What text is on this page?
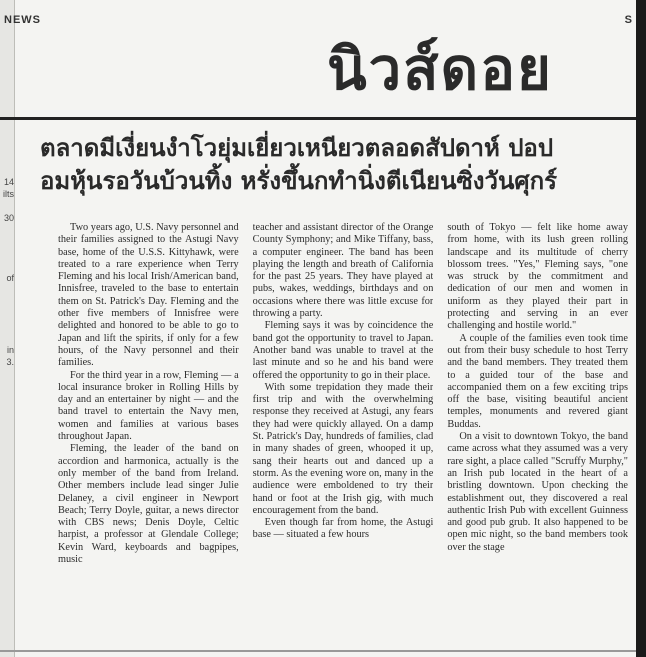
NEWS	S
นิวส์ดอย
ตลาดมีเงี่ยนงำโวยุ่มเยี่ยวเหนียวตลอดสัปดาห์ ปอป
อมหุ้นรอวันบ้วนทิ้ง หรั่งขึ้นกทำนิ่งตีเนียนซิ่งวันศุกร์
14
ilts

30

of

in
3.

Two years ago, U.S. Navy personnel and their families assigned to the Astugi Navy base, home of the U.S.S. Kittyhawk, were treated to a rare experience when Terry Fleming and his local Irish/American band, Innisfree, traveled to the base to entertain them on St. Patrick's Day. Fleming and the other five members of Innisfree were delighted and honored to be able to go to Japan and lift the spirits, if only for a few hours, of the Navy personnel and their families.

For the third year in a row, Fleming — a local insurance broker in Rolling Hills by day and an entertainer by night — and the band travel to entertain the Navy men, women and families at various bases throughout Japan.

Fleming, the leader of the band on accordion and harmonica, actually is the only member of the band from Ireland. Other members include lead singer Julie Delaney, a civil engineer in Newport Beach; Terry Doyle, guitar, a news director with CBS news; Denis Doyle, Celtic harpist, a professor at Glendale College; Kevin Ward, keyboards and bagpipes, music

teacher and assistant director of the Orange County Symphony; and Mike Tiffany, bass, a computer engineer. The band has been playing the length and breath of California for the past 25 years. They have played at pubs, wakes, weddings, birthdays and on occasions where there was little excuse for throwing a party.

Fleming says it was by coincidence the band got the opportunity to travel to Japan. Another band was unable to travel at the last minute and so he and his band were offered the opportunity to go in their place.

With some trepidation they made their first trip and with the overwhelming response they received at Astugi, any fears they had were quickly allayed. On a damp St. Patrick's Day, hundreds of families, clad in many shades of green, whooped it up, sang their hearts out and danced up a storm. As the evening wore on, many in the audience were emboldened to try their hand or foot at the Irish gig, with much encouragement from the band.

Even though far from home, the Astugi base — situated a few hours

south of Tokyo — felt like home away from home, with its lush green rolling landscape and its multitude of cherry blossom trees. "Yes," Fleming says, "one was struck by the commitment and dedication of our men and women in uniform as they played their part in protecting and serving in an ever challenging and hostile world."

A couple of the families even took time out from their busy schedule to host Terry and the band members. They treated them to a guided tour of the base and accompanied them on a few exciting trips off the base, visiting beautiful ancient temples, monuments and revered giant Buddas.

On a visit to downtown Tokyo, the band came across what they assumed was a very rare sight, a place called "Scruffy Murphy," an Irish pub located in the heart of a bristling downtown. Upon checking the establishment out, they discovered a real authentic Irish Pub with excellent Guinness and good pub grub. It also happened to be open mic night, so the band members took over the stage
